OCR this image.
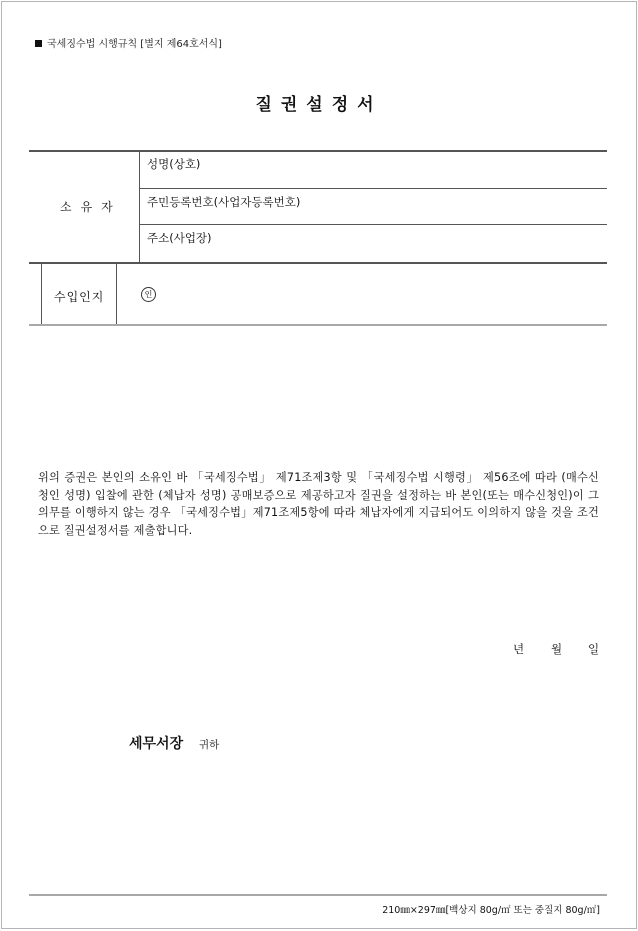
국세징수법 시행규칙 [별지 제64호서식]
질권설정서
소유자
성명(상호)
주민등록번호(사업자등록번호)
주소(사업장)
수입인지	인
위의 증권은 본인의 소유인 바 「국세징수법」 제71조제3항 및 「국세징수법 시행령」 제56조에 따라 (매수신청인 성명) 입찰에 관한 (체납자 성명) 공매보증으로 제공하고자 질권을 설정하는 바 본인(또는 매수신청인)이 그 의무를 이행하지 않는 경우 「국세징수법」제71조제5항에 따라 체납자에게 지급되어도 이의하지 않을 것을 조건으로 질권설정서를 제출합니다.
년 월 일
세무서장 귀하
210㎜×297㎜[백상지 80g/㎡ 또는 중질지 80g/㎡]
